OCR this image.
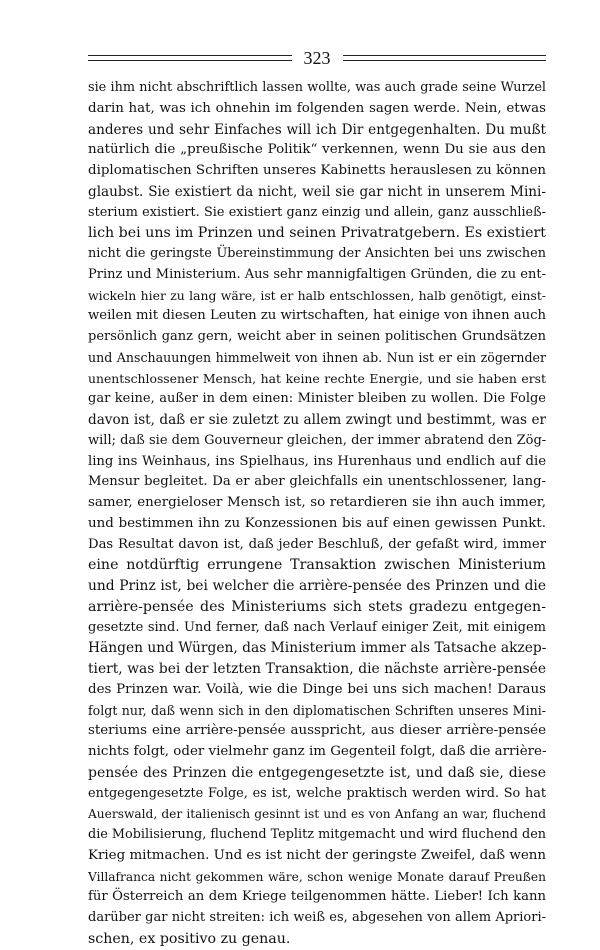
323
sie ihm nicht abschriftlich lassen wollte, was auch grade seine Wurzel
darin hat, was ich ohnehin im folgenden sagen werde. Nein, etwas
anderes und sehr Einfaches will ich Dir entgegenhalten. Du mußt
natürlich die „preußische Politik“ verkennen, wenn Du sie aus den
diplomatischen Schriften unseres Kabinetts herauslesen zu können
glaubst. Sie existiert da nicht, weil sie gar nicht in unserem Mini-
sterium existiert. Sie existiert ganz einzig und allein, ganz ausschließ-
lich bei uns im Prinzen und seinen Privatratgebern. Es existiert
nicht die geringste Übereinstimmung der Ansichten bei uns zwischen
Prinz und Ministerium. Aus sehr mannigfaltigen Gründen, die zu ent-
wickeln hier zu lang wäre, ist er halb entschlossen, halb genötigt, einst-
weilen mit diesen Leuten zu wirtschaften, hat einige von ihnen auch
persönlich ganz gern, weicht aber in seinen politischen Grundsätzen
und Anschauungen himmelweit von ihnen ab. Nun ist er ein zögernder
unentschlossener Mensch, hat keine rechte Energie, und sie haben erst
gar keine, außer in dem einen: Minister bleiben zu wollen. Die Folge
davon ist, daß er sie zuletzt zu allem zwingt und bestimmt, was er
will; daß sie dem Gouverneur gleichen, der immer abratend den Zög-
ling ins Weinhaus, ins Spielhaus, ins Hurenhaus und endlich auf die
Mensur begleitet. Da er aber gleichfalls ein unentschlossener, lang-
samer, energieloser Mensch ist, so retardieren sie ihn auch immer,
und bestimmen ihn zu Konzessionen bis auf einen gewissen Punkt.
Das Resultat davon ist, daß jeder Beschluß, der gefaßt wird, immer
eine notdürftig errungene Transaktion zwischen Ministerium
und Prinz ist, bei welcher die arrière-pensée des Prinzen und die
arrière-pensée des Ministeriums sich stets gradezu entgegen-
gesetzte sind. Und ferner, daß nach Verlauf einiger Zeit, mit einigem
Hängen und Würgen, das Ministerium immer als Tatsache akzep-
tiert, was bei der letzten Transaktion, die nächste arrière-pensée
des Prinzen war. Voilà, wie die Dinge bei uns sich machen! Daraus
folgt nur, daß wenn sich in den diplomatischen Schriften unseres Mini-
steriums eine arrière-pensée ausspricht, aus dieser arrière-pensée
nichts folgt, oder vielmehr ganz im Gegenteil folgt, daß die arrière-
pensée des Prinzen die entgegengesetzte ist, und daß sie, diese
entgegengesetzte Folge, es ist, welche praktisch werden wird. So hat
Auerswald, der italienisch gesinnt ist und es von Anfang an war, fluchend
die Mobilisierung, fluchend Teplitz mitgemacht und wird fluchend den
Krieg mitmachen. Und es ist nicht der geringste Zweifel, daß wenn
Villafranca nicht gekommen wäre, schon wenige Monate darauf Preußen
für Österreich an dem Kriege teilgenommen hätte. Lieber! Ich kann
darüber gar nicht streiten: ich weiß es, abgesehen von allem Apriori-
schen, ex positivo zu genau.
